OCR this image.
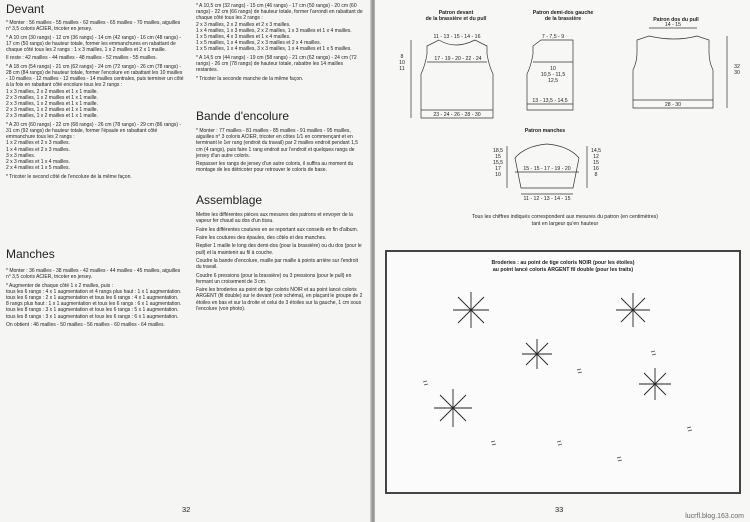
Devant

* Monter : 56 mailles - 55 mailles - 62 mailles - 65 mailles - 70 mailles, aiguilles n° 3,5 coloris ACIER, tricoter en jersey.

* A 10 cm (30 rangs) - 12 cm (36 rangs) - 14 cm (42 rangs) - 16 cm (48 rangs) - 17 cm (50 rangs) de hauteur totale, former les emmanchures en rabattant de chaque côté tous les 2 rangs : 1 x 3 mailles, 1 x 2 mailles et 2 x 1 maille.

Il reste : 42 mailles - 44 mailles - 48 mailles - 52 mailles - 55 mailles.

* A 18 cm (54 rangs) - 21 cm (62 rangs) - 24 cm (72 rangs) - 26 cm (78 rangs) - 28 cm (84 rangs) de hauteur totale, former l'encolure en rabattant les 10 mailles - 10 mailles - 12 mailles - 12 mailles - 14 mailles centrales, puis terminer un côté à la fois en rabattant côté encolure tous les 2 rangs :
1 x 3 mailles, 2 x 2 mailles et 1 x 1 maille.
2 x 3 mailles, 1 x 2 mailles et 1 x 1 maille.
2 x 3 mailles, 1 x 2 mailles et 1 x 1 maille.
2 x 3 mailles, 1 x 2 mailles et 1 x 1 maille.
2 x 3 mailles, 1 x 2 mailles et 1 x 1 maille.

* A 20 cm (60 rangs) - 22 cm (68 rangs) - 26 cm (78 rangs) - 29 cm (86 rangs) - 31 cm (92 rangs) de hauteur totale, former l'épaule en rabattant côté emmanchure tous les 2 rangs :
1 x 2 mailles et 2 x 3 mailles.
1 x 4 mailles et 2 x 3 mailles.
3 x 3 mailles.
2 x 3 mailles et 1 x 4 mailles.
2 x 4 mailles et 1 x 5 mailles.

* Tricoter le second côté de l'encolure de la même façon.

Manches

* Monter : 36 mailles - 38 mailles - 42 mailles - 44 mailles - 45 mailles, aiguilles n° 3,5 coloris ACIER, tricoter en jersey.

* Augmenter de chaque côté 1 x 2 mailles, puis :
tous les 6 rangs : 4 x 1 augmentation et 4 rangs plus haut : 1 x 1 augmentation.
tous les 6 rangs : 2 x 1 augmentation et tous les 6 rangs : 4 x 1 augmentation.
8 rangs plus haut : 1 x 1 augmentation et tous les 6 rangs : 6 x 1 augmentation.
tous les 8 rangs : 3 x 1 augmentation et tous les 6 rangs : 5 x 1 augmentation.
tous les 8 rangs : 3 x 1 augmentation et tous les 6 rangs : 6 x 1 augmentation.

On obtient : 46 mailles - 50 mailles - 56 mailles - 60 mailles - 64 mailles.

* A 10,5 cm (32 rangs) - 15 cm (46 rangs) - 17 cm (50 rangs) - 20 cm (60 rangs) - 22 cm (66 rangs) de hauteur totale, former l'arrondi en rabattant de chaque côté tous les 2 rangs :
2 x 3 mailles, 2 x 2 mailles et 2 x 3 mailles.
1 x 4 mailles, 1 x 3 mailles, 2 x 2 mailles, 1 x 3 mailles et 1 x 4 mailles.
1 x 5 mailles, 4 x 3 mailles et 1 x 4 mailles.
1 x 5 mailles, 1 x 4 mailles, 2 x 3 mailles et 2 x 4 mailles.
1 x 5 mailles, 1 x 4 mailles, 3 x 3 mailles, 1 x 4 mailles et 1 x 5 mailles.

* A 14,5 cm (44 rangs) - 19 cm (58 rangs) - 21 cm (62 rangs) - 24 cm (72 rangs) - 26 cm (78 rangs) de hauteur totale, rabattre les 14 mailles restantes.

* Tricoter la seconde manche de la même façon.

Bande d'encolure

* Monter : 77 mailles - 81 mailles - 85 mailles - 91 mailles - 95 mailles, aiguilles n° 3 coloris ACIER, tricoter en côtes 1/1 en commençant et en terminant le 1er rang (endroit du travail) par 2 mailles endroit pendant 1,5 cm (4 rangs), puis faire 1 rang endroit sur l'endroit et quelques rangs de jersey d'un autre coloris.

Repasser les rangs de jersey d'un autre coloris, il suffira au moment du montage de les détricoter pour retrouver le coloris de base.

Assemblage

Mettre les différentes pièces aux mesures des patrons et envoyer de la vapeur fer chaud au dos d'un tissu.

Faire les différentes coutures en se reportant aux conseils en fin d'album.

Faire les coutures des épaules, des côtés et des manches.

Replier 1 maille le long des demi-dos (pour la brassière) ou du dos (pour le pull) et la maintenir au fil à couche.

Coudre la bande d'encolure, maille par maille à points arrière sur l'endroit du travail.

Coudre 6 pressions (pour la brassière) ou 3 pressions (pour le pull) en fermant un croisement de 3 cm.

Faire les broderies au point de tige coloris NOIR et au point lancé coloris ARGENT (fil double) sur le devant (voir schéma), en plaçant le groupe de 2 étoiles en bas et sur la droite et celui de 3 étoiles sur la gauche, 1 cm sous l'encolure (voir photo).

32
Patron devant
de la brassière et du pull
Patron demi-dos gauche
de la brassière	Patron dos du pull
Patron manches
11 - 13 - 15 - 14 - 16
17 - 19 - 20 - 22 - 24
23 - 24 - 26 - 28 - 30
8
10
11
7 - 7,5 - 9
10
10,5 - 11,5
12,5
13 - 13,5 - 14,5
14 - 15
28 - 30
32
30
15 - 15 - 17 - 19 - 20
11 - 12 - 13 - 14 - 15
18,5
15
15,5
17
10
14,5
12
15
16
8
Tous les chiffres indiqués correspondent aux mesures du patron (en centimètres)
tant en largeur qu'en hauteur
Broderies : au point de tige coloris NOIR (pour les étoiles)
au point lancé coloris ARGENT fil double (pour les traits)
33
lucrfl.blog.163.com
